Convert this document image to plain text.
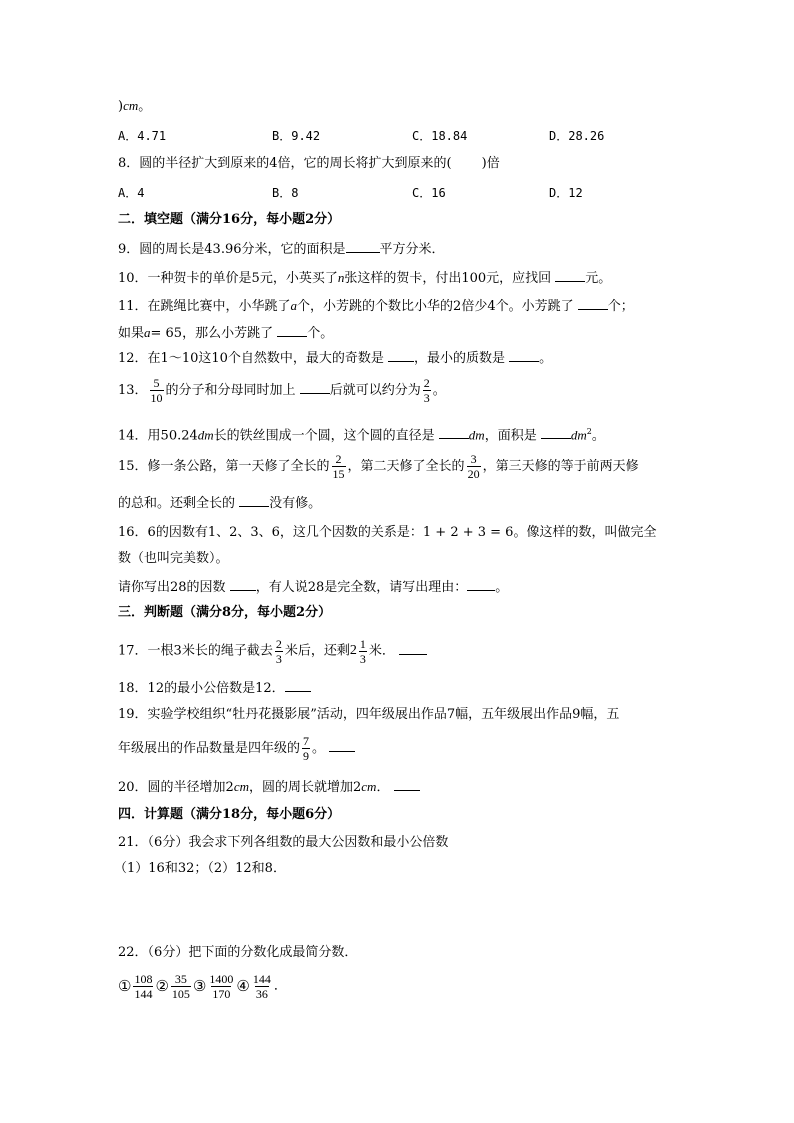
)cm。
A．4.71	B．9.42	C．18.84	D．28.26
8．圆的半径扩大到原来的4倍，它的周长将扩大到原来的( )倍
A．4	B．8	C．16	D．12
二．填空题（满分16分，每小题2分）
9．圆的周长是43.96分米，它的面积是	平方分米．
10．一种贺卡的单价是5元，小英买了n张这样的贺卡，付出100元，应找回 元。
11．在跳绳比赛中，小华跳了a个，小芳跳的个数比小华的2倍少4个。小芳跳了 个；
如果a= 65，那么小芳跳了 个。
12．在1～10这10个自然数中，最大的奇数是 ，最小的质数是 。
13． $\frac{5}{10}$ 的分子和分母同时加上 后就可以约分为 $\frac{2}{3}$ 。
14．用50.24dm长的铁丝围成一个圆，这个圆的直径是 dm，面积是 $dm^2$。
15．修一条公路，第一天修了全长的 $\frac{2}{15}$ ，第二天修了全长的 $\frac{3}{20}$ ，第三天修的等于前两天修
的总和。还剩全长的 没有修。
16．6的因数有1、2、3、6，这几个因数的关系是：1 + 2 + 3 = 6。像这样的数，叫做完全
数（也叫完美数）。
请你写出28的因数 ，有人说28是完全数，请写出理由： 。
三．判断题（满分8分，每小题2分）
17．一根3米长的绳子截去 $\frac{2}{3}$ 米后，还剩 $2 \frac{1}{3}$ 米．
18．12的最小公倍数是12．
19．实验学校组织“牡丹花摄影展”活动，四年级展出作品7幅，五年级展出作品9幅，五
年级展出的作品数量是四年级的 $\frac{7}{9}$ 。
20．圆的半径增加2cm，圆的周长就增加2cm．
四．计算题（满分18分，每小题6分）
21．（6分）我会求下列各组数的最大公因数和最小公倍数
（1）16和32；（2）12和8．
22．（6分）把下面的分数化成最简分数．
① $\frac{108}{144}$ ② $\frac{35}{105}$ ③ $\frac{1400}{170}$ ④ $\frac{144}{36}$ ．
